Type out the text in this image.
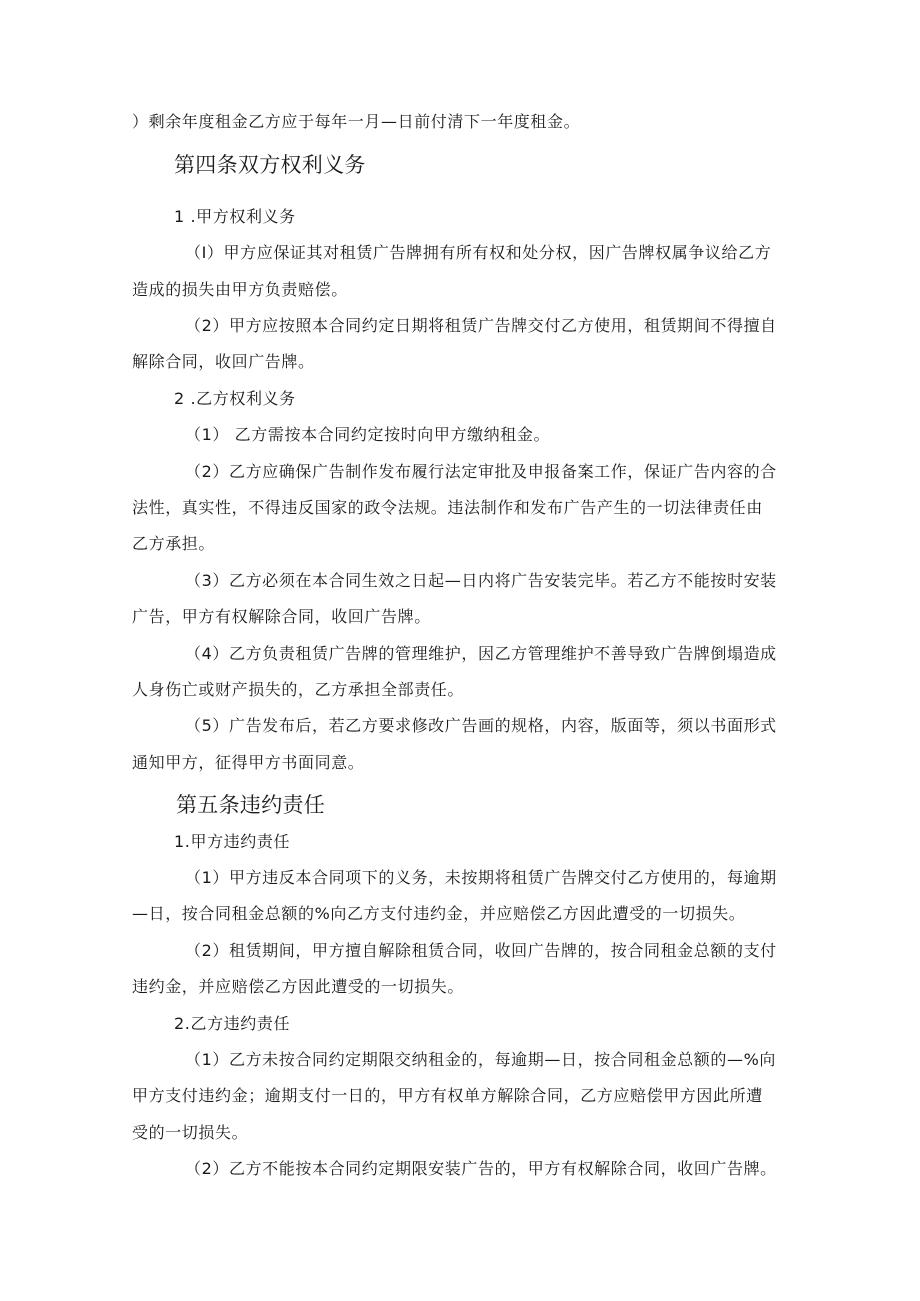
）剩余年度租金乙方应于每年一月—日前付清下一年度租金。
第四条双方权利义务
1 .甲方权利义务
（I）甲方应保证其对租赁广告牌拥有所有权和处分权，因广告牌权属争议给乙方
造成的损失由甲方负责赔偿。
（2）甲方应按照本合同约定日期将租赁广告牌交付乙方使用，租赁期间不得擅自
解除合同，收回广告牌。
2 .乙方权利义务
（1） 乙方需按本合同约定按时向甲方缴纳租金。
（2）乙方应确保广告制作发布履行法定审批及申报备案工作，保证广告内容的合
法性，真实性，不得违反国家的政令法规。违法制作和发布广告产生的一切法律责任由
乙方承担。
（3）乙方必须在本合同生效之日起—日内将广告安装完毕。若乙方不能按时安装
广告，甲方有权解除合同，收回广告牌。
（4）乙方负责租赁广告牌的管理维护，因乙方管理维护不善导致广告牌倒塌造成
人身伤亡或财产损失的，乙方承担全部责任。
（5）广告发布后，若乙方要求修改广告画的规格，内容，版面等，须以书面形式
通知甲方，征得甲方书面同意。
第五条违约责任
1.甲方违约责任
（1）甲方违反本合同项下的义务，未按期将租赁广告牌交付乙方使用的，每逾期
—日，按合同租金总额的%向乙方支付违约金，并应赔偿乙方因此遭受的一切损失。
（2）租赁期间，甲方擅自解除租赁合同，收回广告牌的，按合同租金总额的支付
违约金，并应赔偿乙方因此遭受的一切损失。
2.乙方违约责任
（1）乙方未按合同约定期限交纳租金的，每逾期—日，按合同租金总额的—%向
甲方支付违约金；逾期支付一日的，甲方有权单方解除合同，乙方应赔偿甲方因此所遭
受的一切损失。
（2）乙方不能按本合同约定期限安装广告的，甲方有权解除合同，收回广告牌。
